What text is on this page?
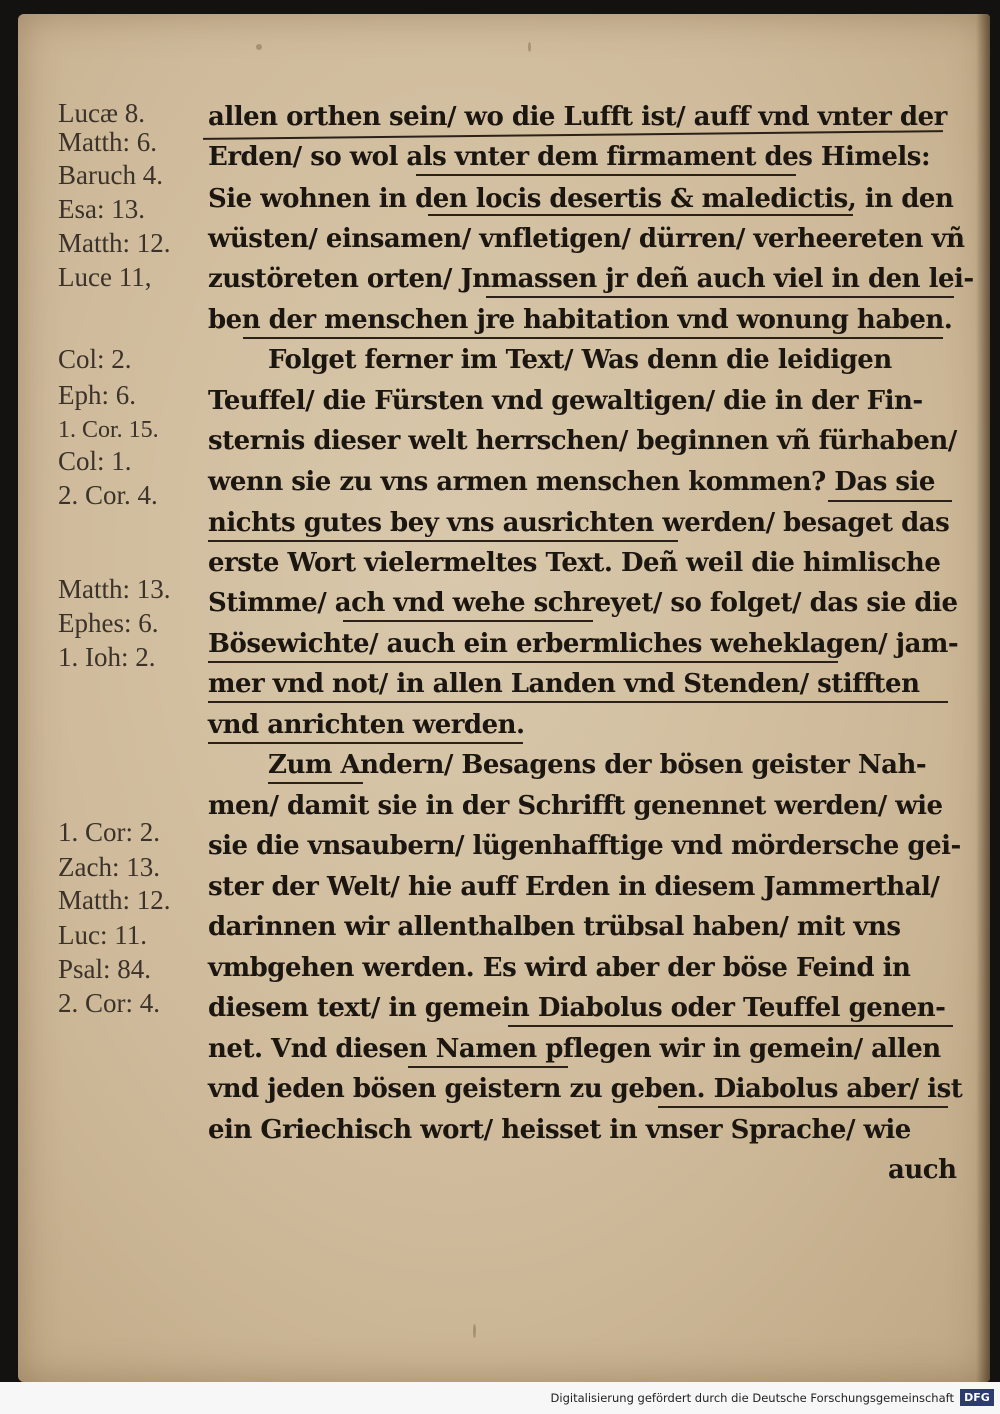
Lucæ 8.
Matth: 6.
Baruch 4.
Esa: 13.
Matth: 12.
Luce 11,
Col: 2.
Eph: 6.
1. Cor. 15.
Col: 1.
2. Cor. 4.
Matth: 13.
Ephes: 6.
1. Ioh: 2.
1. Cor: 2.
Zach: 13.
Matth: 12.
Luc: 11.
Psal: 84.
2. Cor: 4.
allen orthen sein/ wo die Lufft ist/ auff vnd vnter der
Erden/ so wol als vnter dem firmament des Himels:
Sie wohnen in den locis desertis & maledictis, in den
wüsten/ einsamen/ vnfletigen/ dürren/ verheereten vñ
zustöreten orten/ Jnmassen jr deñ auch viel in den lei-
ben der menschen jre habitation vnd wonung haben.
Folget ferner im Text/ Was denn die leidigen
Teuffel/ die Fürsten vnd gewaltigen/ die in der Fin-
sternis dieser welt herrschen/ beginnen vñ fürhaben/
wenn sie zu vns armen menschen kommen? Das sie
nichts gutes bey vns ausrichten werden/ besaget das
erste Wort vielermeltes Text. Deñ weil die himlische
Stimme/ ach vnd wehe schreyet/ so folget/ das sie die
Bösewichte/ auch ein erbermliches weheklagen/ jam-
mer vnd not/ in allen Landen vnd Stenden/ stifften
vnd anrichten werden.
Zum Andern/ Besagens der bösen geister Nah-
men/ damit sie in der Schrifft genennet werden/ wie
sie die vnsaubern/ lügenhafftige vnd mördersche gei-
ster der Welt/ hie auff Erden in diesem Jammerthal/
darinnen wir allenthalben trübsal haben/ mit vns
vmbgehen werden. Es wird aber der böse Feind in
diesem text/ in gemein Diabolus oder Teuffel genen-
net. Vnd diesen Namen pflegen wir in gemein/ allen
vnd jeden bösen geistern zu geben. Diabolus aber/ ist
ein Griechisch wort/ heisset in vnser Sprache/ wie
auch
Digitalisierung gefördert durch die Deutsche Forschungsgemeinschaft DFG
